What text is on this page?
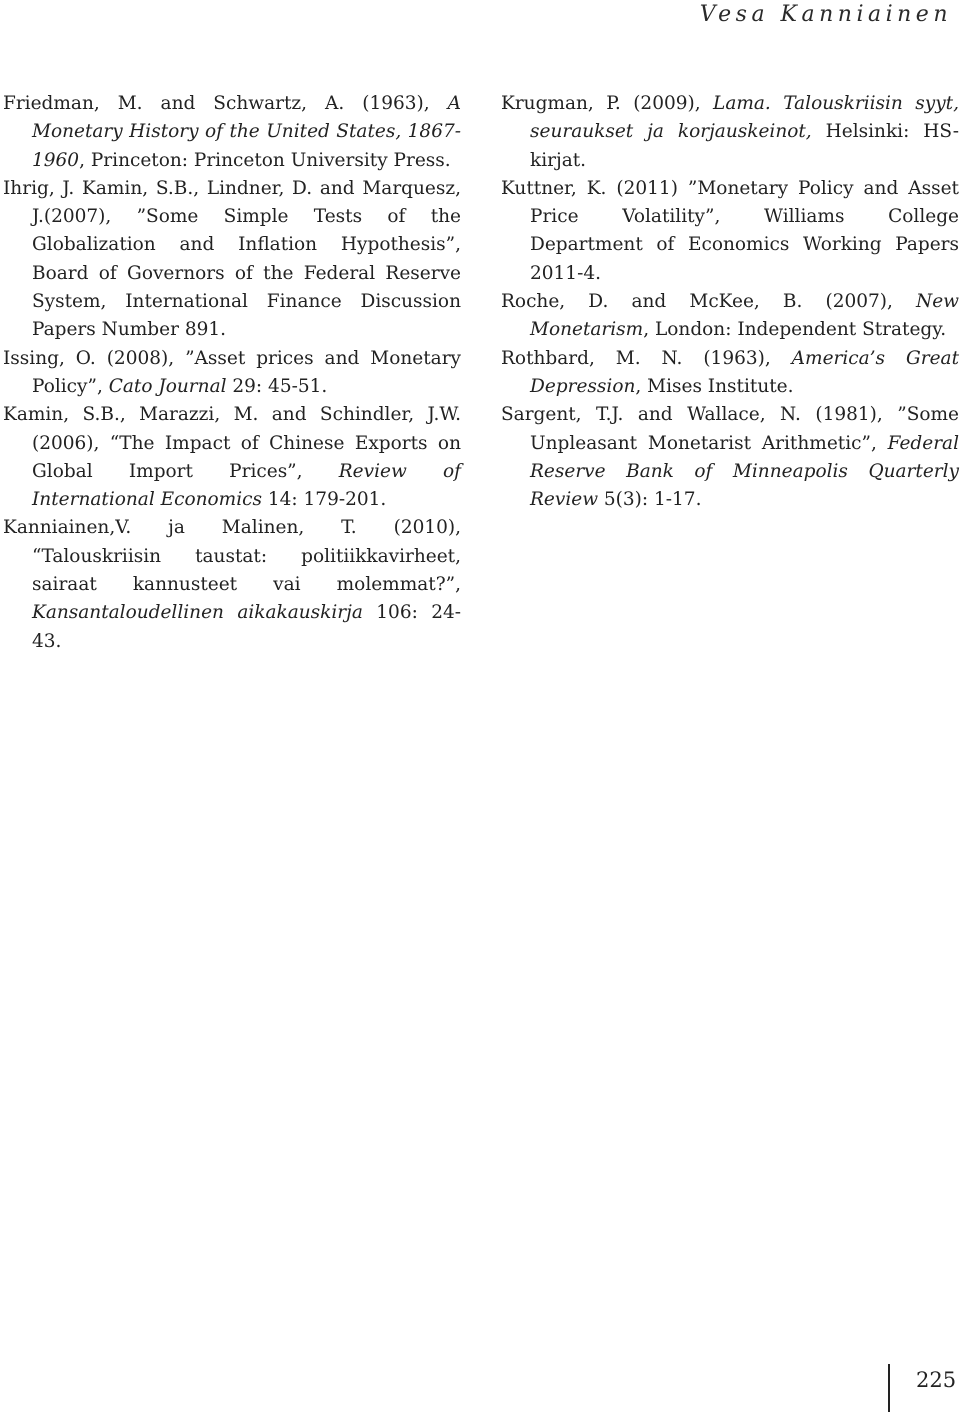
Vesa Kanniainen

Friedman, M. and Schwartz, A. (1963), A Monetary History of the United States, 1867-1960, Princeton: Princeton University Press.

Ihrig, J. Kamin, S.B., Lindner, D. and Marquesz, J.(2007), ”Some Simple Tests of the Globalization and Inflation Hypothesis”, Board of Governors of the Federal Reserve System, International Finance Discussion Papers Number 891.

Issing, O. (2008), ”Asset prices and Monetary Policy”, Cato Journal 29: 45-51.

Kamin, S.B., Marazzi, M. and Schindler, J.W. (2006), “The Impact of Chinese Exports on Global Import Prices”, Review of International Economics 14: 179-201.

Kanniainen,V. ja Malinen, T. (2010), “Talouskriisin taustat: politiikkavirheet, sairaat kannusteet vai molemmat?”, Kansantaloudellinen aikakauskirja 106: 24-43.

Krugman, P. (2009), Lama. Talouskriisin syyt, seuraukset ja korjauskeinot, Helsinki: HS-kirjat.

Kuttner, K. (2011) ”Monetary Policy and Asset Price Volatility”, Williams College Department of Economics Working Papers 2011-4.

Roche, D. and McKee, B. (2007), New Monetarism, London: Independent Strategy.

Rothbard, M. N. (1963), America’s Great Depression, Mises Institute.

Sargent, T.J. and Wallace, N. (1981), ”Some Unpleasant Monetarist Arithmetic”, Federal Reserve Bank of Minneapolis Quarterly Review 5(3): 1-17.

225
